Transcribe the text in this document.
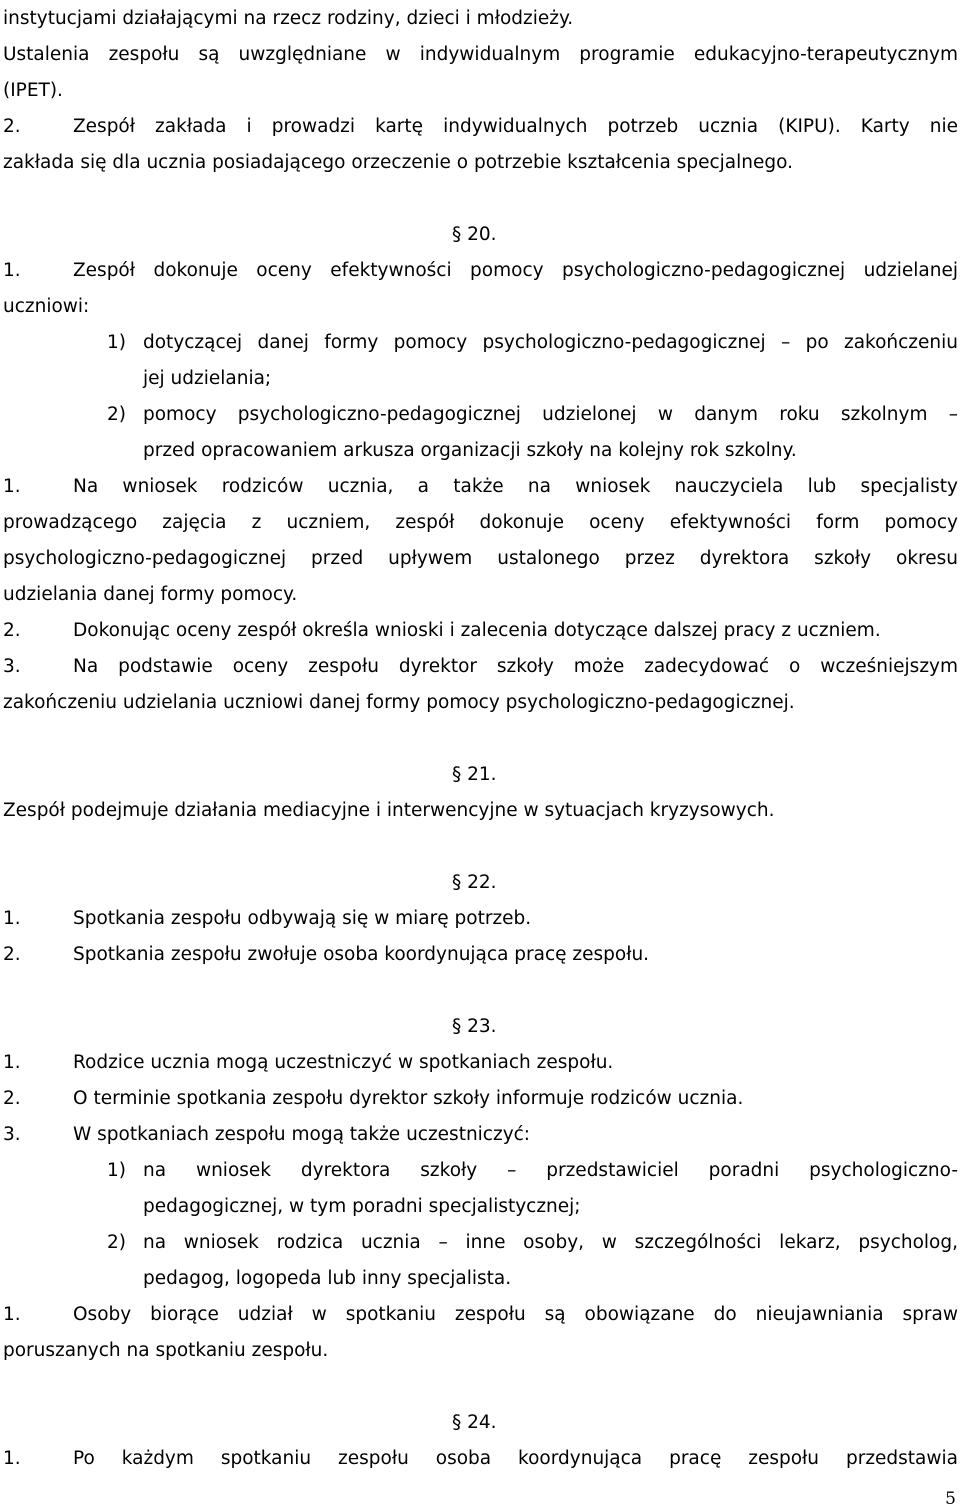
instytucjami działającymi na rzecz rodziny, dzieci i młodzieży.
Ustalenia zespołu są uwzględniane w indywidualnym programie edukacyjno-terapeutycznym
(IPET).
2.	Zespół zakłada i prowadzi kartę indywidualnych potrzeb ucznia (KIPU). Karty nie
zakłada się dla ucznia posiadającego orzeczenie o potrzebie kształcenia specjalnego.
1.	Zespół dokonuje oceny efektywności pomocy psychologiczno-pedagogicznej udzielanej
uczniowi:
1) dotyczącej danej formy pomocy psychologiczno-pedagogicznej – po zakończeniu
jej udzielania;
2) pomocy psychologiczno-pedagogicznej udzielonej w danym roku szkolnym –
przed opracowaniem arkusza organizacji szkoły na kolejny rok szkolny.
1.	Na wniosek rodziców ucznia, a także na wniosek nauczyciela lub specjalisty
prowadzącego zajęcia z uczniem, zespół dokonuje oceny efektywności form pomocy
psychologiczno-pedagogicznej przed upływem ustalonego przez dyrektora szkoły okresu
udzielania danej formy pomocy.
2.	Dokonując oceny zespół określa wnioski i zalecenia dotyczące dalszej pracy z uczniem.
3.	Na podstawie oceny zespołu dyrektor szkoły może zadecydować o wcześniejszym
zakończeniu udzielania uczniowi danej formy pomocy psychologiczno-pedagogicznej.
Zespół podejmuje działania mediacyjne i interwencyjne w sytuacjach kryzysowych.
1.	Spotkania zespołu odbywają się w miarę potrzeb.
2.	Spotkania zespołu zwołuje osoba koordynująca pracę zespołu.
1.	Rodzice ucznia mogą uczestniczyć w spotkaniach zespołu.
2.	O terminie spotkania zespołu dyrektor szkoły informuje rodziców ucznia.
3.	W spotkaniach zespołu mogą także uczestniczyć:
1) na wniosek dyrektora szkoły – przedstawiciel poradni psychologiczno-
pedagogicznej, w tym poradni specjalistycznej;
2) na wniosek rodzica ucznia – inne osoby, w szczególności lekarz, psycholog,
pedagog, logopeda lub inny specjalista.
1.	Osoby biorące udział w spotkaniu zespołu są obowiązane do nieujawniania spraw
poruszanych na spotkaniu zespołu.
1.	Po każdym spotkaniu zespołu osoba koordynująca pracę zespołu przedstawia
§ 20.
§ 21.
§ 22.
§ 23.
§ 24.
5
